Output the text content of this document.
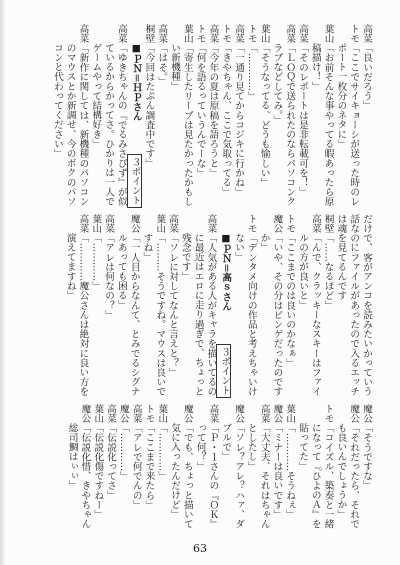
高菜「良いだろう」

トモ「ここでサイキョーシが送った時のレポート一枚分のネタに」

葉山「お前そんな事やってる暇あったら原稿描け！」

高菜「そのレポートは是非転載可を！」

高菜「ＬＯＱで送られたのならパソコンクラブなどしてみ。」

葉山「そうなってる、どうも愉しい」

トモ「…………」

高菜「一通り見てからコジキに行かね」

トモ「きやちゃん、ここで気取ってる」

高菜「今年の夏は原稿を語ろうと」

トモ「何を語るっていうんでーな」

葉山「寄生したリーブは見たかったかもしい新機種」

高菜「はそ。」

桐壁「今回はたぶん調査中です」

■ＰＮ＝ＨＰさん
３ポイント

高菜「ゆきちゃんの『でるみさぴず』が似ているからかってさ。ひかりは一人でゲームやって結構好き」

高菜「新作に関しては、新機種のパソコンのマウスとか新調せ、今のボクのパソコンと代わってください」

だけで、客がアンコを読みたいかっていう話なのにファイルがあったので入るエッチは魂を見てるんです

桐壁「……なるほど」

高菜「んで、クラッキーなスキーはファイルの方が良いと」

トモ「ここまでのは良いのかなぁ」

魔公「いや、その分はピンゲだったのですか」

トモ「デンタメ向けの作品と考えちゃいけない」

■ＰＮ＝高ｓさん
３ポイント

高菜「人気がある人がキャラを描いてるのに最近はエロに走り過ぎで、ちょっと残念です」

高菜「ソレに対してなんと言えと？」

葉山「………そうですね。マウスは良いですね」

魔公「一人目からなんて、とみでるシグナルあっても困る」

高菜「アレは何なの？」

葉山「…………」

高菜「…………魔公さんは絶対に良い方を演えてますね」

魔公「そうですな」

魔公「それだったら、それでも良いんでしょうか」

トモ「コイズル、築奏と一緒になって『ひよのＡ』を貼ってた」

葉山「…………そうねぇ」

魔公「ミナーは良いです」

高菜「大丈夫、それはちゃんとしたし」

魔公「ソレ？アレ？ハァ、ダブルで」

高菜「Ｐ・１さんの『ＯＫ』って何？」

魔公「でも、ちょっと描いて気に入ったんだけど」

葉山「…………」

トモ「ここまで来たら」

高菜「アレで何でんの」

魔公「…………」

高菜「伝説化ってさ」

葉山「伝説化傷ですねー」

魔公「伝説化惜、きやちゃん総司鯛はぃぃ」

63
